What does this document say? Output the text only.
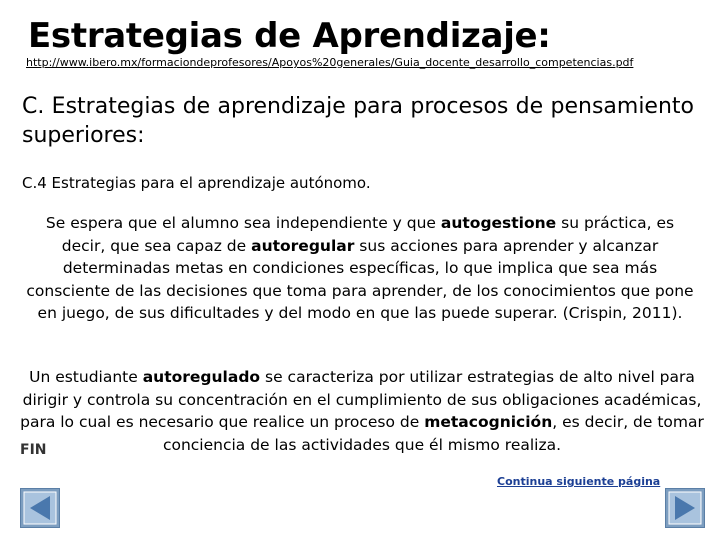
Estrategias de Aprendizaje:
http://www.ibero.mx/formaciondeprofesores/Apoyos%20generales/Guia_docente_desarrollo_competencias.pdf
C. Estrategias de aprendizaje para procesos de pensamiento superiores:
C.4 Estrategias para el aprendizaje autónomo.

Se espera que el alumno sea independiente y que autogestione su práctica, es decir, que sea capaz de autoregular sus acciones para aprender y alcanzar determinadas metas en condiciones específicas, lo que implica que sea más consciente de las decisiones que toma para aprender, de los conocimientos que pone en juego, de sus dificultades y del modo en que las puede superar. (Crispin, 2011).

Un estudiante autoregulado se caracteriza por utilizar estrategias de alto nivel para dirigir y controla su concentración en el cumplimiento de sus obligaciones académicas, para lo cual es necesario que realice un proceso de metacognición, es decir, de tomar conciencia de las actividades que él mismo realiza.

FIN
Continua siguiente página
